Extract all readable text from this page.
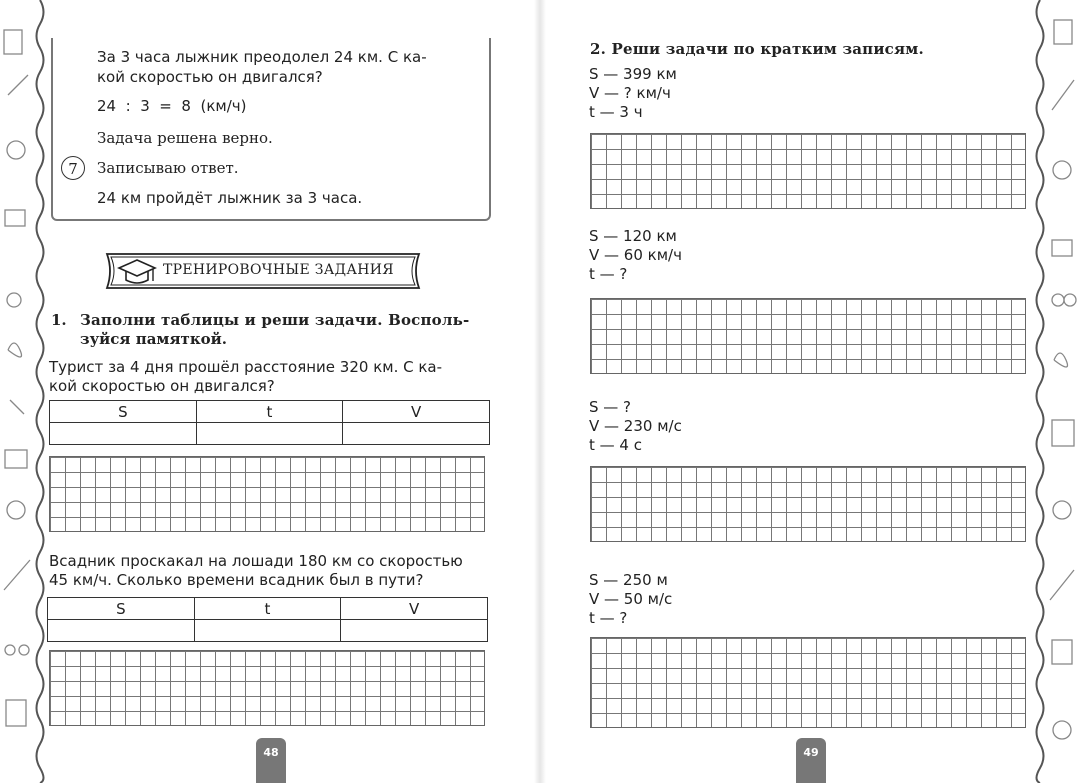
За 3 часа лыжник преодолел 24 км. С ка-
кой скоростью он двигался?
24  :  3  =  8  (км/ч)
Задача решена верно.
7	Записываю ответ.
24 км пройдёт лыжник за 3 часа.
ТРЕНИРОВОЧНЫЕ ЗАДАНИЯ
1. Заполни таблицы и реши задачи. Восполь-
зуйся памяткой.
Турист за 4 дня прошёл расстояние 320 км. С ка-
кой скоростью он двигался?
S	t	V

Всадник проскакал на лошади 180 км со скоростью
45 км/ч. Сколько времени всадник был в пути?
S	t	V

48
2. Реши задачи по кратким записям.
S — 399 км
V — ? км/ч
t — 3 ч
S — 120 км
V — 60 км/ч
t — ?
S — ?
V — 230 м/с
t — 4 с
S — 250 м
V — 50 м/с
t — ?
49
